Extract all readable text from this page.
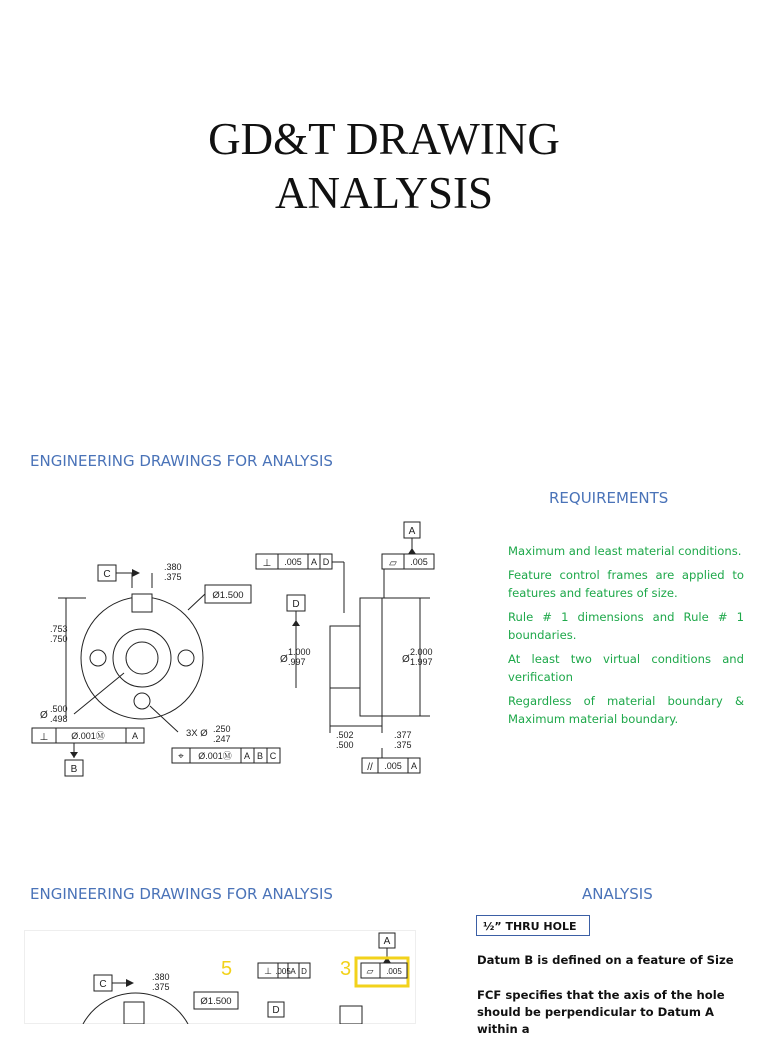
GD&T DRAWING
ANALYSIS
ENGINEERING DRAWINGS FOR ANALYSIS
REQUIREMENTS
Maximum and least material conditions.
Feature control frames are applied to features and features of size.
Rule # 1 dimensions and Rule # 1 boundaries.
At least two virtual conditions and verification
Regardless of material boundary & Maximum material boundary.
C
.380
.375
Ø1.500
.753
.750
Ø
.500
.498
⊥	Ø.001Ⓜ	A
B
3X Ø .250
.247
⌖ Ø.001Ⓜ A B C
⊥ .005 A D
A
▱ .005
D
Ø
1.000
.997	Ø
2.000
1.997
.502
.500
.377
.375
// .005 A
ENGINEERING DRAWINGS FOR ANALYSIS	ANALYSIS
5	3
C
.380
.375
Ø1.500
⊥ .005 A D
A
▱ .005
D
½” THRU HOLE

Datum B is defined on a feature of Size

FCF specifies that the axis of the hole should be perpendicular to Datum A within a
